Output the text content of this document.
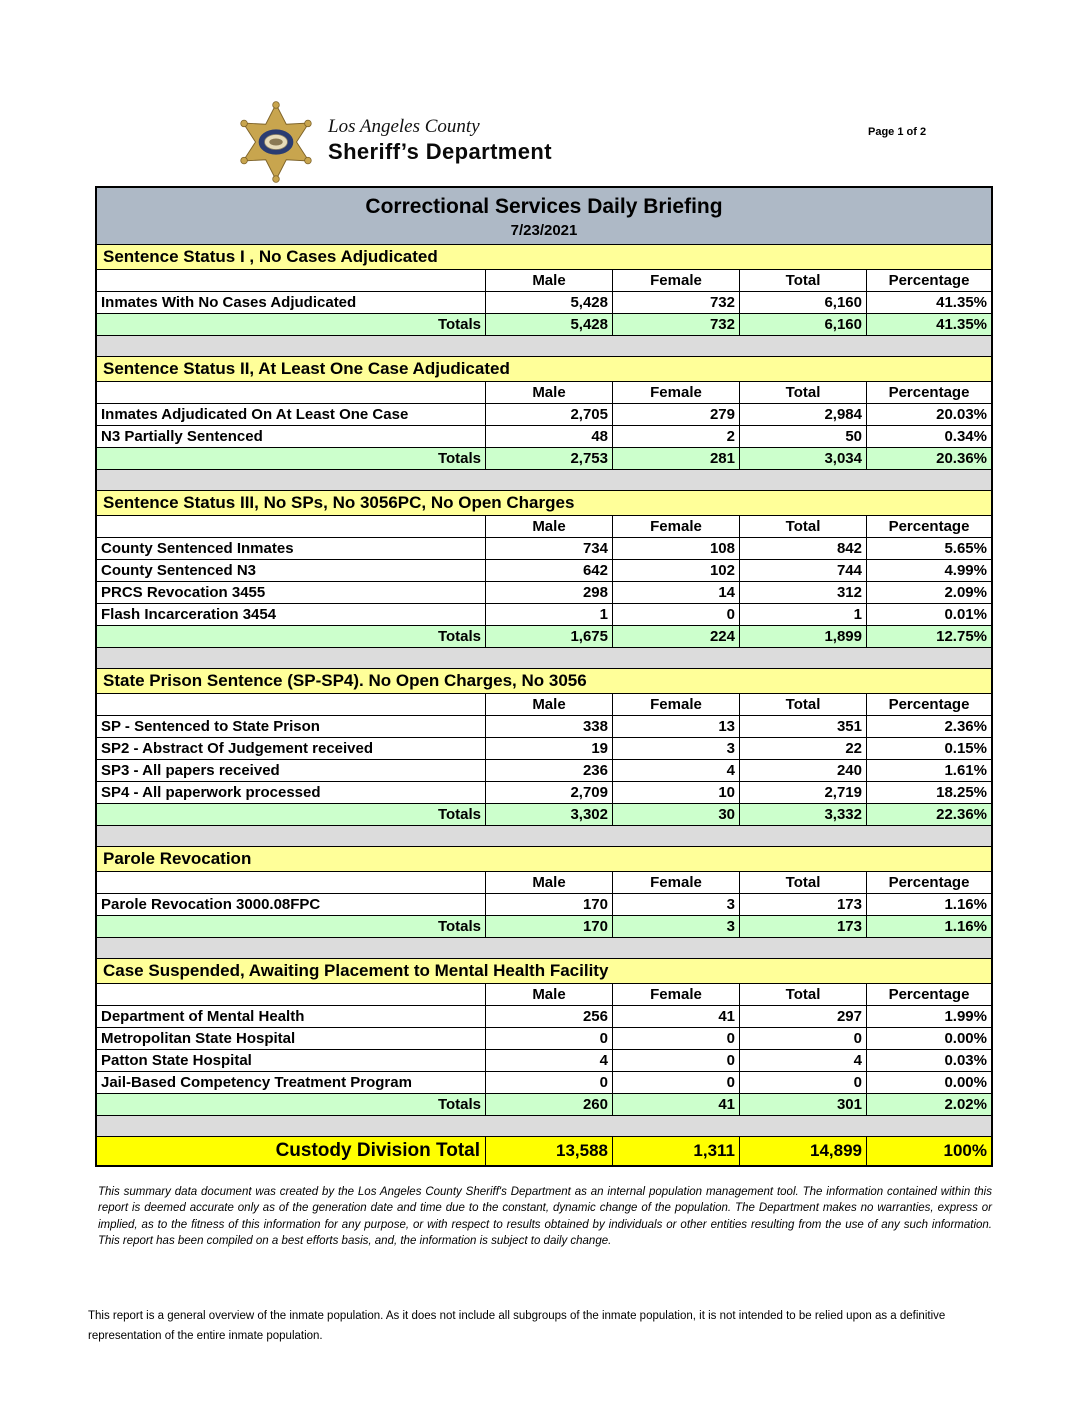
Los Angeles County
Sheriff’s Department
Page 1 of 2
Correctional Services Daily Briefing
7/23/2021
Sentence Status I , No Cases Adjudicated
Male	Female	Total	Percentage
Inmates With No Cases Adjudicated	5,428	732	6,160	41.35%
Totals	5,428	732	6,160	41.35%
Sentence Status II, At Least One Case Adjudicated
Male	Female	Total	Percentage
Inmates Adjudicated On At Least One Case	2,705	279	2,984	20.03%
N3 Partially Sentenced	48	2	50	0.34%
Totals	2,753	281	3,034	20.36%
Sentence Status III, No SPs, No 3056PC, No Open Charges
Male	Female	Total	Percentage
County Sentenced Inmates	734	108	842	5.65%
County Sentenced N3	642	102	744	4.99%
PRCS Revocation 3455	298	14	312	2.09%
Flash Incarceration 3454	1	0	1	0.01%
Totals	1,675	224	1,899	12.75%
State Prison Sentence (SP-SP4). No Open Charges, No 3056
Male	Female	Total	Percentage
SP - Sentenced to State Prison	338	13	351	2.36%
SP2 - Abstract Of Judgement received	19	3	22	0.15%
SP3 - All papers received	236	4	240	1.61%
SP4 - All paperwork processed	2,709	10	2,719	18.25%
Totals	3,302	30	3,332	22.36%
Parole Revocation
Male	Female	Total	Percentage
Parole Revocation 3000.08FPC	170	3	173	1.16%
Totals	170	3	173	1.16%
Case Suspended, Awaiting Placement to Mental Health Facility
Male	Female	Total	Percentage
Department of Mental Health	256	41	297	1.99%
Metropolitan State Hospital	0	0	0	0.00%
Patton State Hospital	4	0	4	0.03%
Jail-Based Competency Treatment Program	0	0	0	0.00%
Totals	260	41	301	2.02%
Custody Division Total	13,588	1,311	14,899	100%
This summary data document was created by the Los Angeles County Sheriff's Department as an internal population management tool. The information contained within this report is deemed accurate only as of the generation date and time due to the constant, dynamic change of the population. The Department makes no warranties, express or implied, as to the fitness of this information for any purpose, or with respect to results obtained by individuals or other entities resulting from the use of any such information. This report has been compiled on a best efforts basis, and, the information is subject to daily change.
This report is a general overview of the inmate population. As it does not include all subgroups of the inmate population, it is not intended to be relied upon as a definitive representation of the entire inmate population.
